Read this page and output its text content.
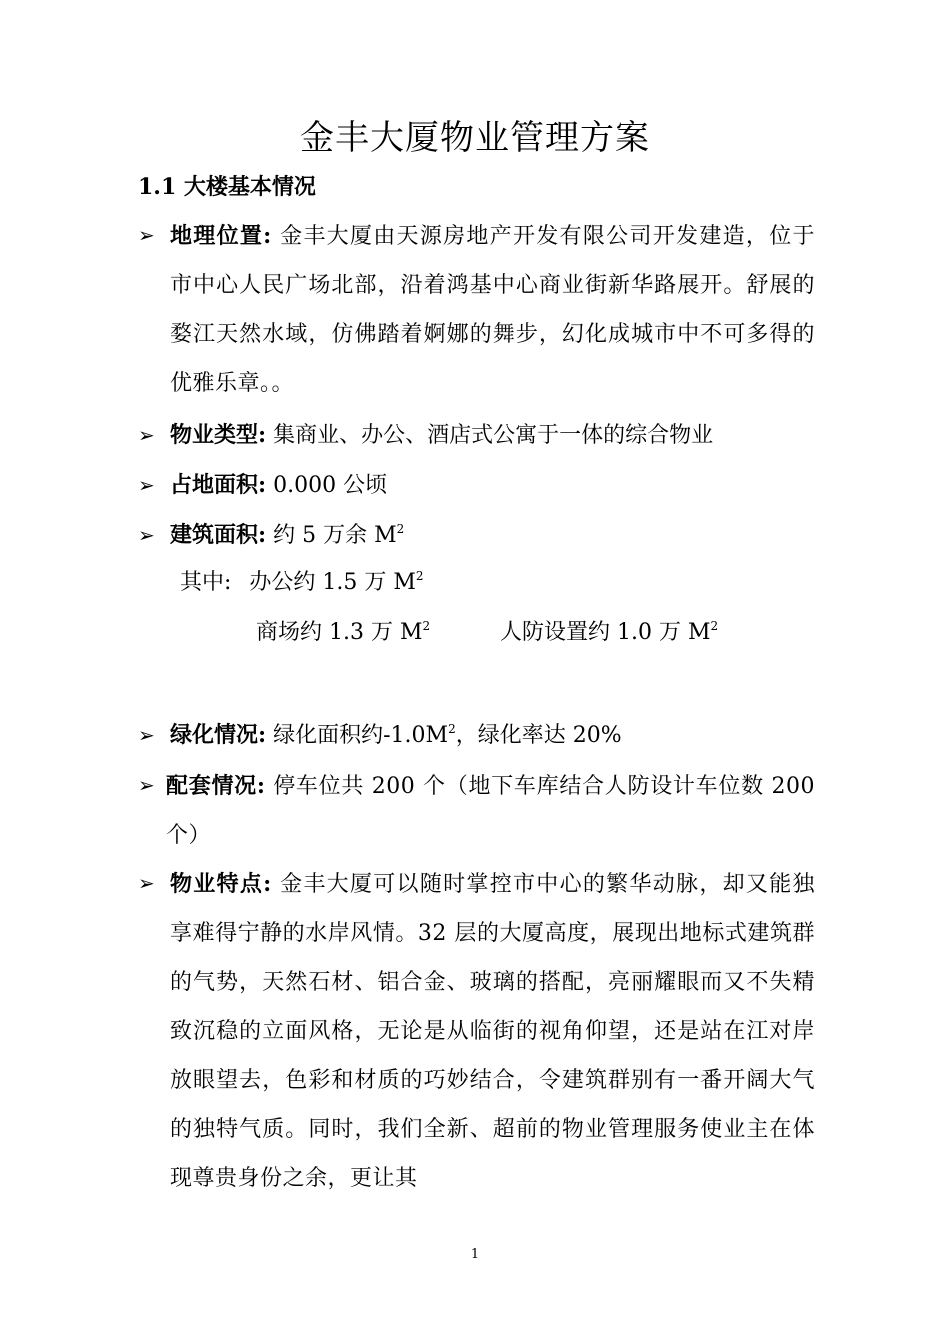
金丰大厦物业管理方案
1.1 大楼基本情况
➢ 地理位置: 金丰大厦由天源房地产开发有限公司开发建造，位于市中心人民广场北部，沿着鸿基中心商业街新华路展开。舒展的婺江天然水域，仿佛踏着婀娜的舞步，幻化成城市中不可多得的优雅乐章。。
➢ 物业类型: 集商业、办公、酒店式公寓于一体的综合物业
➢ 占地面积: 0.000 公顷
➢ 建筑面积: 约 5 万余 $M^2$
其中: 办公约 1.5 万 $M^2$
商场约 1.3 万 $M^2$	人防设置约 1.0 万 $M^2$
➢ 绿化情况: 绿化面积约$-1.0M^2$，绿化率达 20%
➢ 配套情况: 停车位共 200 个（地下车库结合人防设计车位数 200 个）
➢ 物业特点: 金丰大厦可以随时掌控市中心的繁华动脉，却又能独享难得宁静的水岸风情。32 层的大厦高度，展现出地标式建筑群的气势，天然石材、铝合金、玻璃的搭配，亮丽耀眼而又不失精致沉稳的立面风格，无论是从临街的视角仰望，还是站在江对岸放眼望去，色彩和材质的巧妙结合，令建筑群别有一番开阔大气的独特气质。同时，我们全新、超前的物业管理服务使业主在体现尊贵身份之余，更让其
1
